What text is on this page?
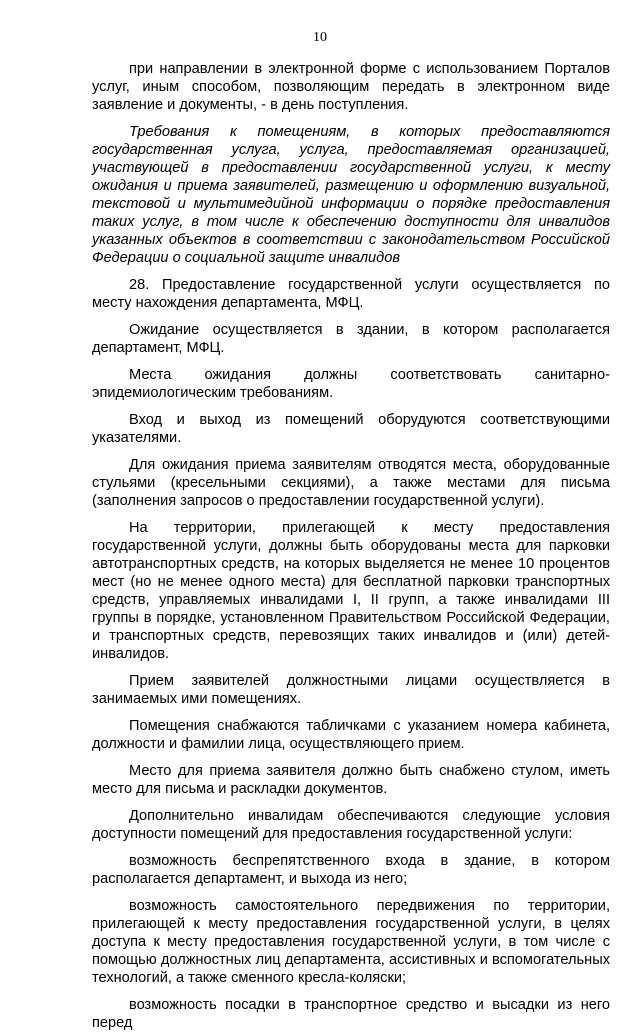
10

при направлении в электронной форме с использованием Порталов услуг, иным способом, позволяющим передать в электронном виде заявление и документы, - в день поступления.

Требования к помещениям, в которых предоставляются государственная услуга, услуга, предоставляемая организацией, участвующей в предоставлении государственной услуги, к месту ожидания и приема заявителей, размещению и оформлению визуальной, текстовой и мультимедийной информации о порядке предоставления таких услуг, в том числе к обеспечению доступности для инвалидов указанных объектов в соответствии с законодательством Российской Федерации о социальной защите инвалидов

28. Предоставление государственной услуги осуществляется по месту нахождения департамента, МФЦ.

Ожидание осуществляется в здании, в котором располагается департамент, МФЦ.

Места ожидания должны соответствовать санитарно-эпидемиологическим требованиям.

Вход и выход из помещений оборудуются соответствующими указателями.

Для ожидания приема заявителям отводятся места, оборудованные стульями (кресельными секциями), а также местами для письма (заполнения запросов о предоставлении государственной услуги).

На территории, прилегающей к месту предоставления государственной услуги, должны быть оборудованы места для парковки автотранспортных средств, на которых выделяется не менее 10 процентов мест (но не менее одного места) для бесплатной парковки транспортных средств, управляемых инвалидами I, II групп, а также инвалидами III группы в порядке, установленном Правительством Российской Федерации, и транспортных средств, перевозящих таких инвалидов и (или) детей-инвалидов.

Прием заявителей должностными лицами осуществляется в занимаемых ими помещениях.

Помещения снабжаются табличками с указанием номера кабинета, должности и фамилии лица, осуществляющего прием.

Место для приема заявителя должно быть снабжено стулом, иметь место для письма и раскладки документов.

Дополнительно инвалидам обеспечиваются следующие условия доступности помещений для предоставления государственной услуги:

возможность беспрепятственного входа в здание, в котором располагается департамент, и выхода из него;

возможность самостоятельного передвижения по территории, прилегающей к месту предоставления государственной услуги, в целях доступа к месту предоставления государственной услуги, в том числе с помощью должностных лиц департамента, ассистивных и вспомогательных технологий, а также сменного кресла-коляски;

возможность посадки в транспортное средство и высадки из него перед
